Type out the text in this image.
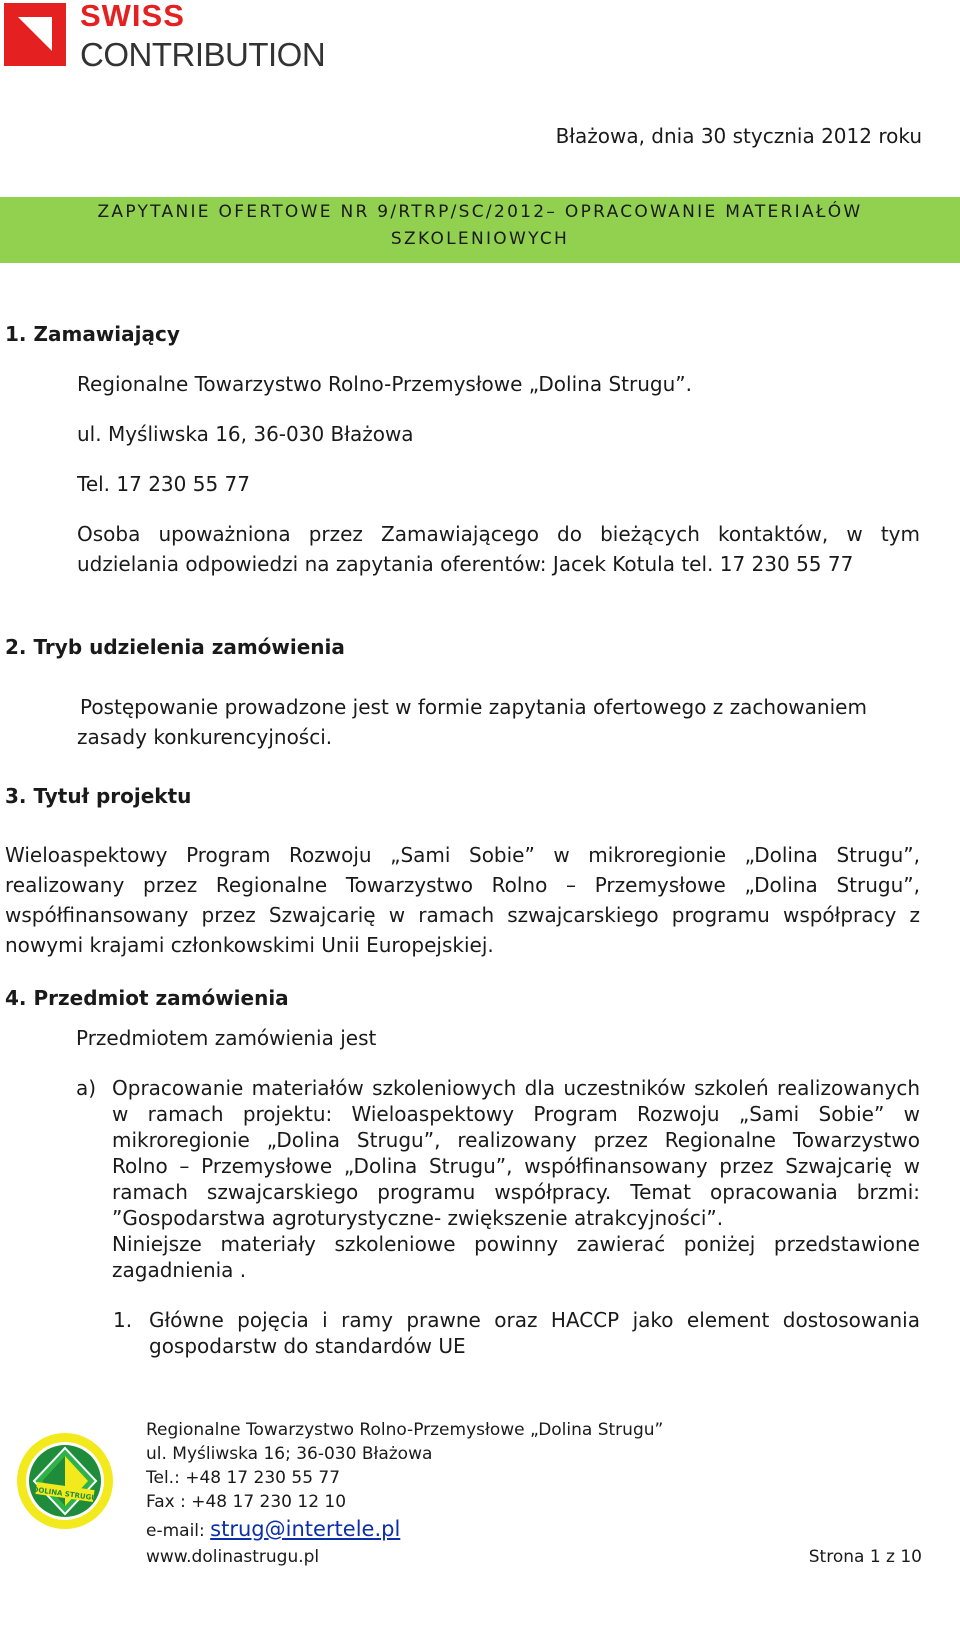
SWISS
CONTRIBUTION
Błażowa, dnia 30 stycznia 2012 roku
ZAPYTANIE OFERTOWE NR 9/RTRP/SC/2012– OPRACOWANIE MATERIAŁÓW
SZKOLENIOWYCH
1. Zamawiający
Regionalne Towarzystwo Rolno-Przemysłowe „Dolina Strugu”.
ul. Myśliwska 16, 36-030 Błażowa
Tel. 17 230 55 77
Osoba upoważniona przez Zamawiającego do bieżących kontaktów, w tym
udzielania odpowiedzi na zapytania oferentów: Jacek Kotula tel. 17 230 55 77
2. Tryb udzielenia zamówienia
Postępowanie prowadzone jest w formie zapytania ofertowego z zachowaniem
zasady konkurencyjności.
3. Tytuł projektu
Wieloaspektowy Program Rozwoju „Sami Sobie” w mikroregionie „Dolina Strugu”,
realizowany przez Regionalne Towarzystwo Rolno – Przemysłowe „Dolina Strugu”,
współfinansowany przez Szwajcarię w ramach szwajcarskiego programu współpracy z
nowymi krajami członkowskimi Unii Europejskiej.
4. Przedmiot zamówienia
Przedmiotem zamówienia jest
a) Opracowanie materiałów szkoleniowych dla uczestników szkoleń realizowanych
w ramach projektu: Wieloaspektowy Program Rozwoju „Sami Sobie” w
mikroregionie „Dolina Strugu”, realizowany przez Regionalne Towarzystwo
Rolno – Przemysłowe „Dolina Strugu”, współfinansowany przez Szwajcarię w
ramach szwajcarskiego programu współpracy. Temat opracowania brzmi:
”Gospodarstwa agroturystyczne- zwiększenie atrakcyjności”.
Niniejsze materiały szkoleniowe powinny zawierać poniżej przedstawione
zagadnienia .
1. Główne pojęcia i ramy prawne oraz HACCP jako element dostosowania
gospodarstw do standardów UE
DOLINA STRUGU
Regionalne Towarzystwo Rolno-Przemysłowe „Dolina Strugu”
ul. Myśliwska 16; 36-030 Błażowa
Tel.: +48 17 230 55 77
Fax : +48 17 230 12 10
e-mail: strug@intertele.pl
www.dolinastrugu.pl	Strona 1 z 10
